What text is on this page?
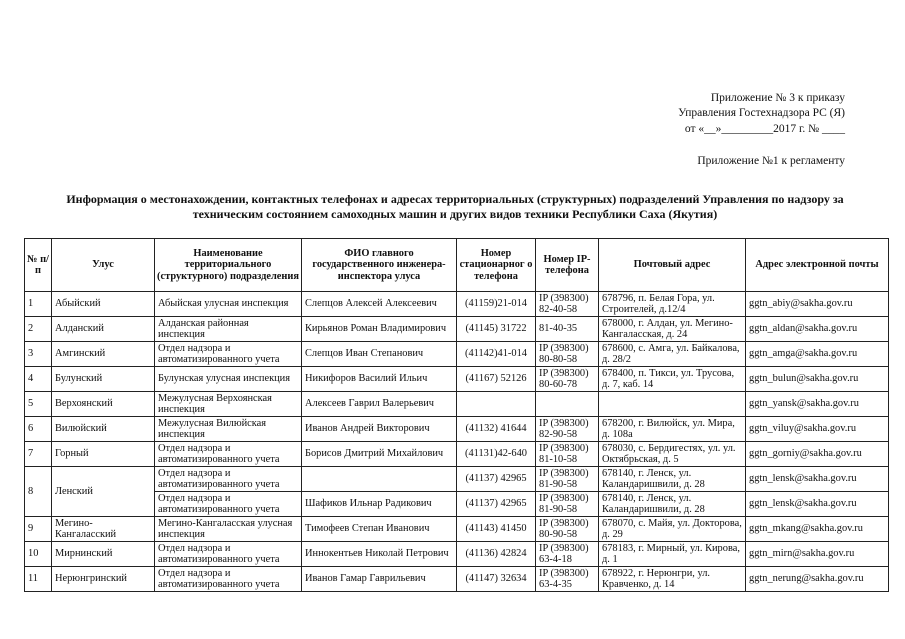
Приложение № 3 к приказу
Управления Гостехнадзора РС (Я)
от «__»_________2017 г. № ____
Приложение №1 к регламенту
Информация о местонахождении, контактных телефонах и адресах территориальных (структурных) подразделений Управления по надзору за техническим состоянием самоходных машин и других видов техники Республики Саха (Якутия)
№ п/п	Улус	Наименование территориального (структурного) подразделения	ФИО главного государственного инженера-инспектора улуса	Номер стационарног о телефона	Номер IP-телефона	Почтовый адрес	Адрес электронной почты
1	Абыйский	Абыйская улусная инспекция	Слепцов Алексей Алексеевич	(41159)21-014	IP (398300) 82-40-58	678796, п. Белая Гора, ул. Строителей, д.12/4	ggtn_abiy@sakha.gov.ru
2	Алданский	Алданская районная инспекция	Кирьянов Роман Владимирович	(41145) 31722	81-40-35	678000, г. Алдан, ул. Мегино-Кангаласская, д. 24	ggtn_aldan@sakha.gov.ru
3	Амгинский	Отдел надзора и автоматизированного учета	Слепцов Иван Степанович	(41142)41-014	IP (398300) 80-80-58	678600, с. Амга, ул. Байкалова, д. 28/2	ggtn_amga@sakha.gov.ru
4	Булунский	Булунская улусная инспекция	Никифоров Василий Ильич	(41167) 52126	IP (398300) 80-60-78	678400, п. Тикси, ул. Трусова, д. 7, каб. 14	ggtn_bulun@sakha.gov.ru
5	Верхоянский	Межулусная Верхоянская инспекция	Алексеев Гаврил Валерьевич				ggtn_yansk@sakha.gov.ru
6	Вилюйский	Межулусная Вилюйская инспекция	Иванов Андрей Викторович	(41132) 41644	IP (398300) 82-90-58	678200, г. Вилюйск, ул. Мира, д. 108а	ggtn_viluy@sakha.gov.ru
7	Горный	Отдел надзора и автоматизированного учета	Борисов Дмитрий Михайлович	(41131)42-640	IP (398300) 81-10-58	678030, с. Бердигестях, ул. ул. Октябрьская, д. 5	ggtn_gorniy@sakha.gov.ru
8	Ленский	Отдел надзора и автоматизированного учета		(41137) 42965	IP (398300) 81-90-58	678140, г. Ленск, ул. Каландаришвили, д. 28	ggtn_lensk@sakha.gov.ru
		Отдел надзора и автоматизированного учета	Шафиков Ильнар Радикович	(41137) 42965	IP (398300) 81-90-58	678140, г. Ленск, ул. Каландаришвили, д. 28	ggtn_lensk@sakha.gov.ru
9	Мегино-Кангаласский	Мегино-Кангаласская улусная инспекция	Тимофеев Степан Иванович	(41143) 41450	IP (398300) 80-90-58	678070, с. Майя, ул. Докторова, д. 29	ggtn_mkang@sakha.gov.ru
10	Мирнинский	Отдел надзора и автоматизированного учета	Иннокентьев Николай Петрович	(41136) 42824	IP (398300) 63-4-18	678183, г. Мирный, ул. Кирова, д. 1	ggtn_mirn@sakha.gov.ru
11	Нерюнгринский	Отдел надзора и автоматизированного учета	Иванов Гамар Гаврильевич	(41147) 32634	IP (398300) 63-4-35	678922, г. Нерюнгри, ул. Кравченко, д. 14	ggtn_nerung@sakha.gov.ru
